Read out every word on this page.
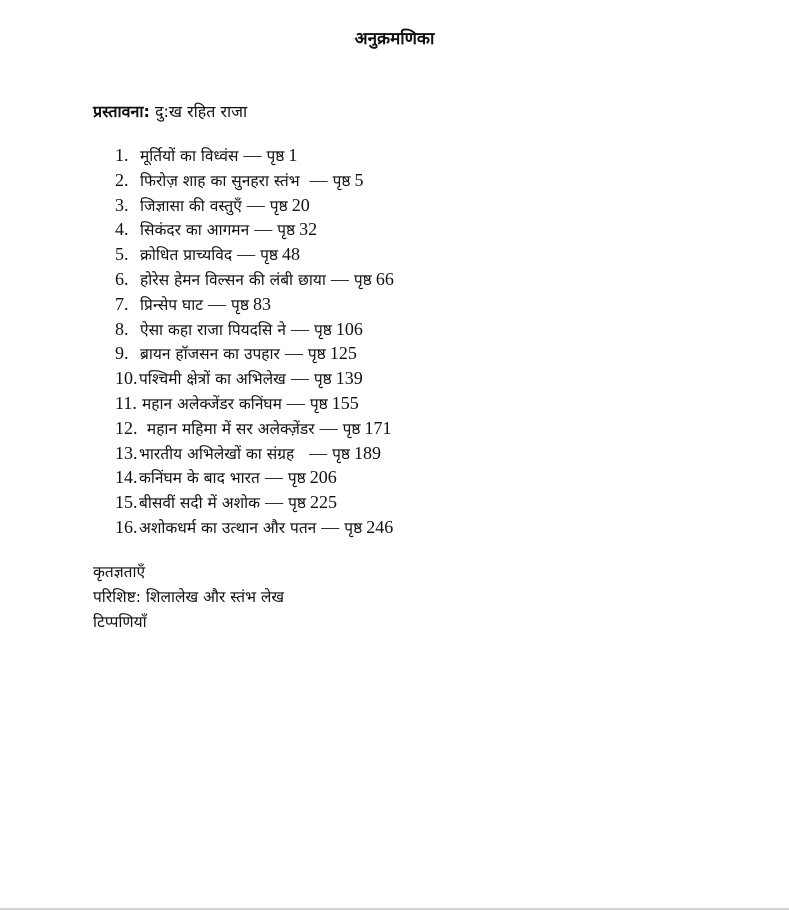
अनुक्रमणिका
प्रस्तावना: दु:ख रहित राजा
1. मूर्तियों का विध्वंस — पृष्ठ 1
2. फिरोज़ शाह का सुनहरा स्तंभ — पृष्ठ 5
3. जिज्ञासा की वस्तुएँ — पृष्ठ 20
4. सिकंदर का आगमन — पृष्ठ 32
5. क्रोधित प्राच्यविद — पृष्ठ 48
6. होरेस हेमन विल्सन की लंबी छाया — पृष्ठ 66
7. प्रिन्सेप घाट — पृष्ठ 83
8. ऐसा कहा राजा पियदसि ने — पृष्ठ 106
9. ब्रायन हॉजसन का उपहार — पृष्ठ 125
10. पश्चिमी क्षेत्रों का अभिलेख — पृष्ठ 139
11. महान अलेक्जेंडर कनिंघम — पृष्ठ 155
12. महान महिमा में सर अलेक्ज़ेंडर — पृष्ठ 171
13. भारतीय अभिलेखों का संग्रह — पृष्ठ 189
14. कनिंघम के बाद भारत — पृष्ठ 206
15. बीसवीं सदी में अशोक — पृष्ठ 225
16. अशोकधर्म का उत्थान और पतन — पृष्ठ 246
कृतज्ञताएँ
परिशिष्ट: शिलालेख और स्तंभ लेख
टिप्पणियाँ
